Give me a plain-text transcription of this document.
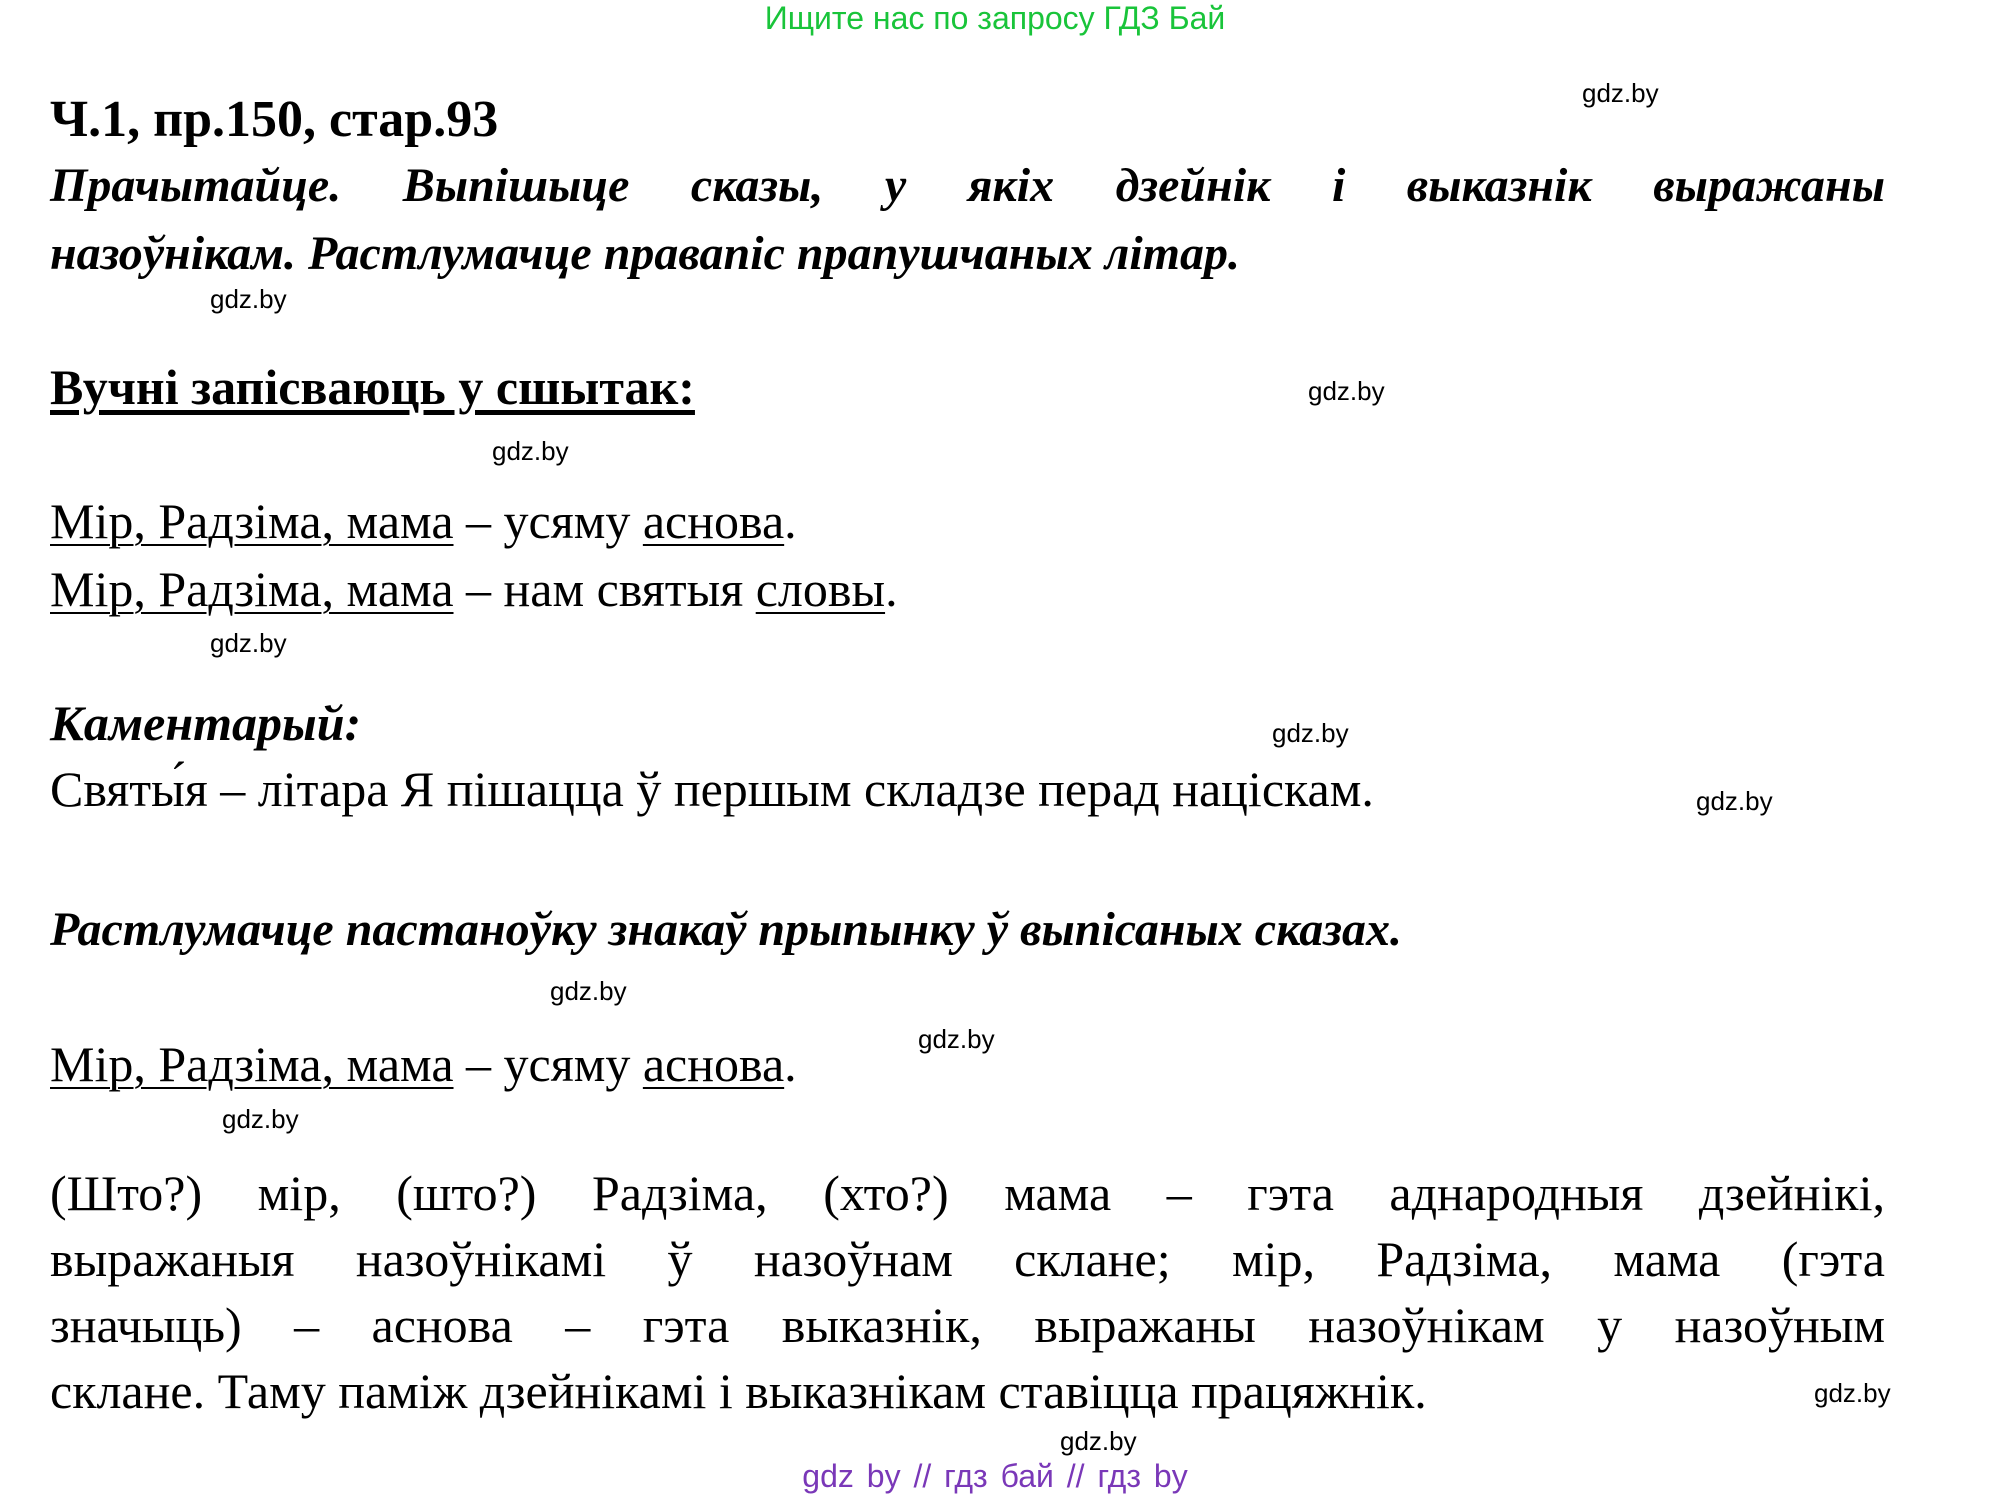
Ищите нас по запросу ГДЗ Бай
Ч.1, пр.150, стар.93
Прачытайце. Выпішыце сказы, у якіх дзейнік і выказнік выражаны
назоўнікам. Растлумачце правапіс прапушчаных літар.
Вучні запісваюць у сшытак:
Мір, Радзіма, мама – усяму аснова.
Мір, Радзіма, мама – нам святыя словы.
Каментарый:
Святы́я – літара Я пішацца ў першым складзе перад націскам.
Растлумачце пастаноўку знакаў прыпынку ў выпісаных сказах.
Мір, Радзіма, мама – усяму аснова.
(Што?) мір, (што?) Радзіма, (хто?) мама – гэта аднародныя дзейнікі,
выражаныя назоўнікамі ў назоўнам склане; мір, Радзіма, мама (гэта
значыць) – аснова – гэта выказнік, выражаны назоўнікам у назоўным
склане. Таму паміж дзейнікамі і выказнікам ставіцца працяжнік.
gdz.by
gdz.by
gdz.by
gdz.by
gdz.by
gdz.by
gdz.by
gdz.by
gdz.by
gdz.by
gdz.by
gdz.by
gdz by // гдз бай // гдз by
